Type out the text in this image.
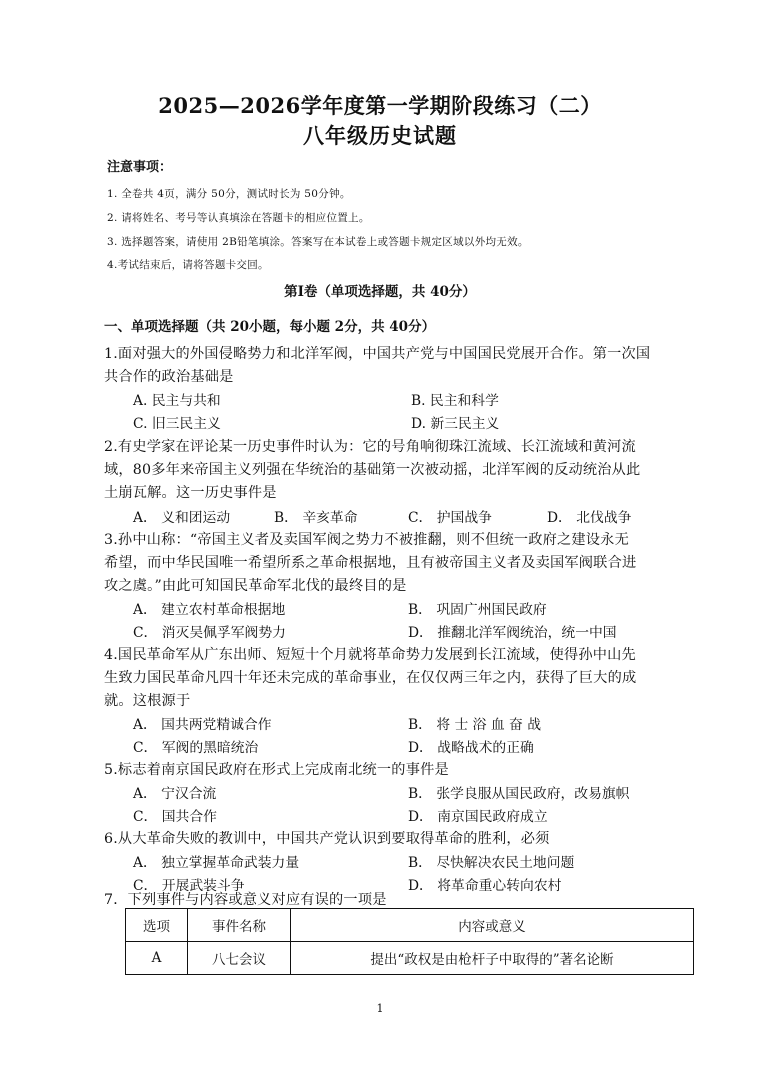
2025—2026学年度第一学期阶段练习（二）
八年级历史试题
注意事项：
1. 全卷共 4页，满分 50分，测试时长为 50分钟。
2. 请将姓名、考号等认真填涂在答题卡的相应位置上。
3. 选择题答案，请使用 2B铅笔填涂。答案写在本试卷上或答题卡规定区域以外均无效。
4.考试结束后，请将答题卡交回。
第Ⅰ卷（单项选择题，共 40分）
一、单项选择题（共 20小题，每小题 2分，共 40分）
1.面对强大的外国侵略势力和北洋军阀，中国共产党与中国国民党展开合作。第一次国
共合作的政治基础是
A. 民主与共和	B. 民主和科学
C. 旧三民主义	D. 新三民主义
2.有史学家在评论某一历史事件时认为：它的号角响彻珠江流域、长江流域和黄河流
域，80多年来帝国主义列强在华统治的基础第一次被动摇，北洋军阀的反动统治从此
土崩瓦解。这一历史事件是
A． 义和团运动	B． 辛亥革命	C． 护国战争	D． 北伐战争
3.孙中山称：“帝国主义者及卖国军阀之势力不被推翻，则不但统一政府之建设永无
希望，而中华民国唯一希望所系之革命根据地，且有被帝国主义者及卖国军阀联合进
攻之虞。”由此可知国民革命军北伐的最终目的是
A． 建立农村革命根据地	B． 巩固广州国民政府
C． 消灭吴佩孚军阀势力	D． 推翻北洋军阀统治，统一中国
4.国民革命军从广东出师、短短十个月就将革命势力发展到长江流域，使得孙中山先
生致力国民革命凡四十年还未完成的革命事业，在仅仅两三年之内，获得了巨大的成
就。这根源于
A． 国共两党精诚合作	B． 将 士 浴 血 奋 战
C． 军阀的黑暗统治	D． 战略战术的正确
5.标志着南京国民政府在形式上完成南北统一的事件是
A． 宁汉合流	B． 张学良服从国民政府，改易旗帜
C． 国共合作	D． 南京国民政府成立
6.从大革命失败的教训中，中国共产党认识到要取得革命的胜利，必须
A． 独立掌握革命武装力量	B． 尽快解决农民土地问题
C． 开展武装斗争	D． 将革命重心转向农村
7．下列事件与内容或意义对应有误的一项是
选项	事件名称	内容或意义
A	八七会议	提出“政权是由枪杆子中取得的”著名论断
1
